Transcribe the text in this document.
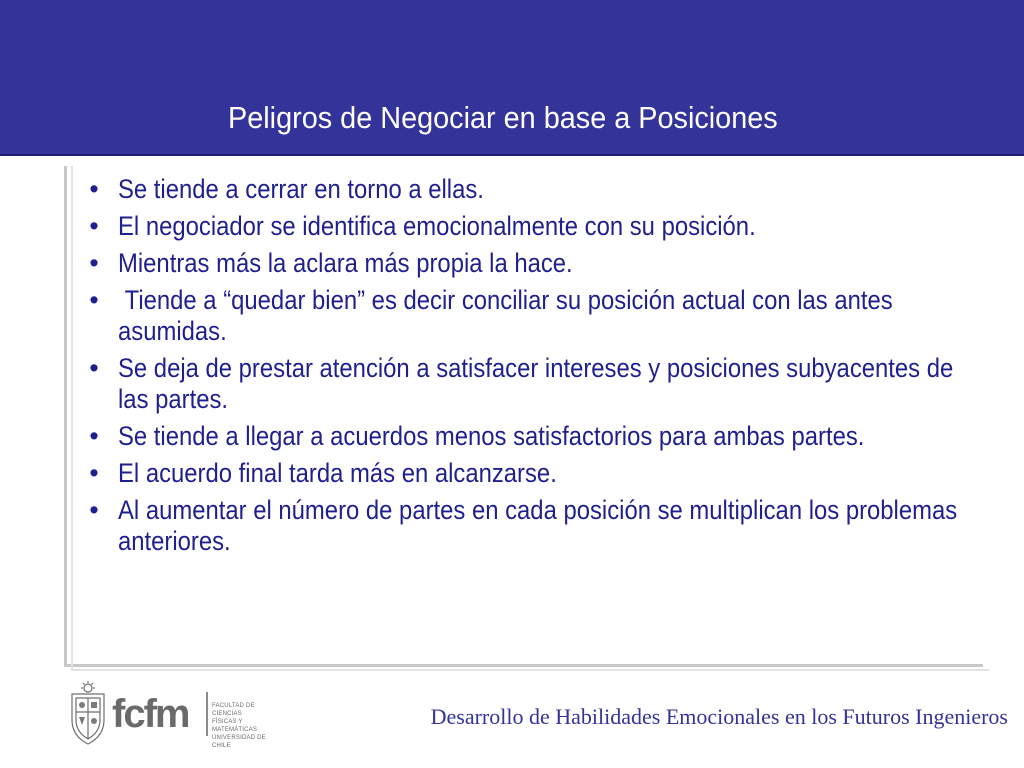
Peligros de Negociar en base a Posiciones
• Se tiende a cerrar en torno a ellas.
• El negociador se identifica emocionalmente con su posición.
• Mientras más la aclara más propia la hace.
• Tiende a “quedar bien” es decir conciliar su posición actual con las antes asumidas.
• Se deja de prestar atención a satisfacer intereses y posiciones subyacentes de las partes.
• Se tiende a llegar a acuerdos menos satisfactorios para ambas partes.
• El acuerdo final tarda más en alcanzarse.
• Al aumentar el número de partes en cada posición se multiplican los problemas anteriores.
fcfm	FACULTAD DE CIENCIAS
FÍSICAS Y MATEMÁTICAS
UNIVERSIDAD DE CHILE
Desarrollo de Habilidades Emocionales en los Futuros Ingenieros
